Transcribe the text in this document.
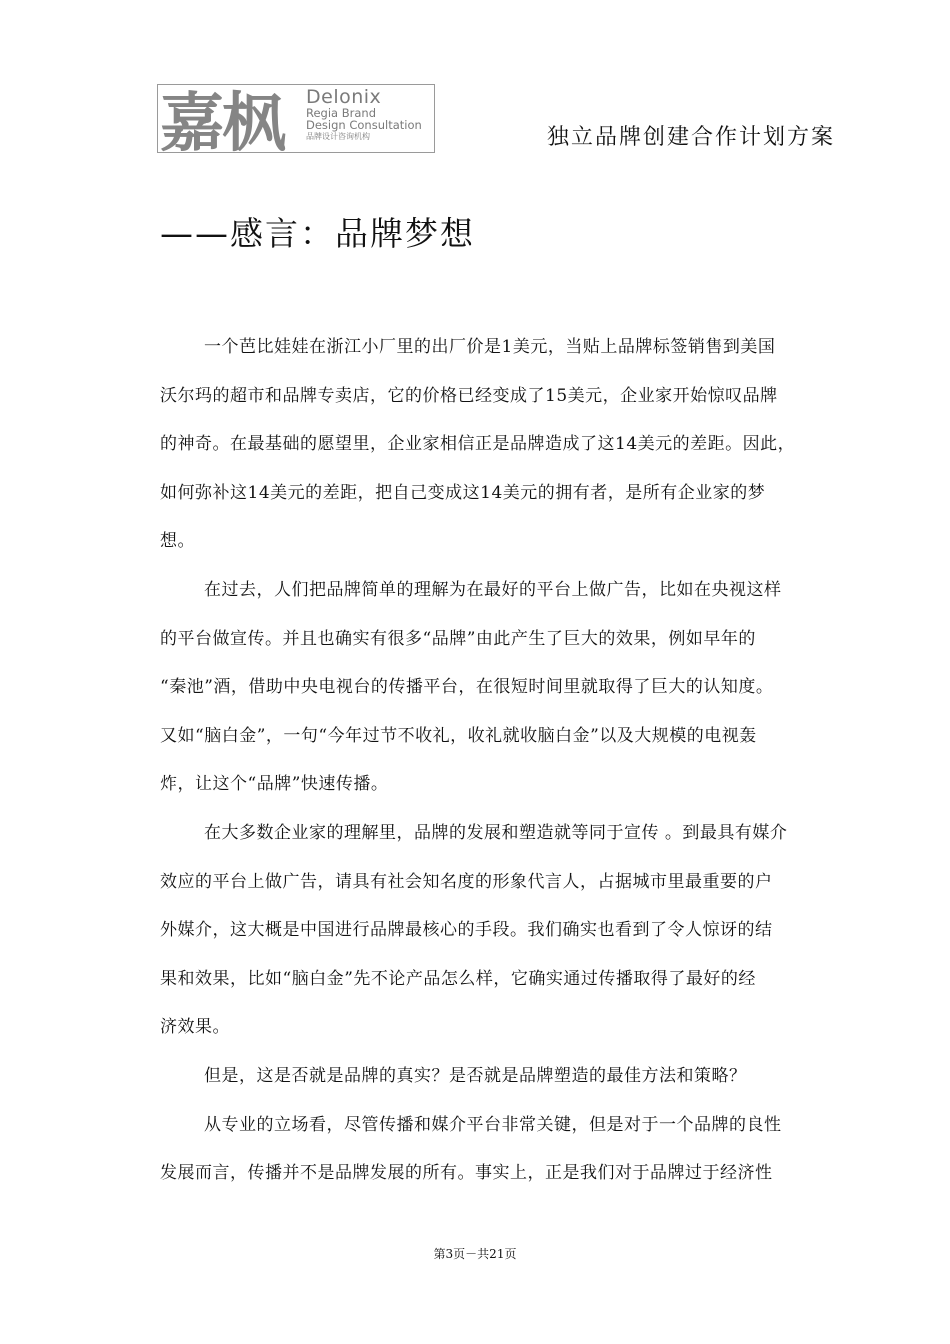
嘉枫 Delonix
Regia Brand
Design Consultation
品牌设计咨询机构	独立品牌创建合作计划方案
——感言：品牌梦想
一个芭比娃娃在浙江小厂里的出厂价是1美元，当贴上品牌标签销售到美国
沃尔玛的超市和品牌专卖店，它的价格已经变成了15美元，企业家开始惊叹品牌
的神奇。在最基础的愿望里，企业家相信正是品牌造成了这14美元的差距。因此，
如何弥补这14美元的差距，把自己变成这14美元的拥有者，是所有企业家的梦
想。
在过去，人们把品牌简单的理解为在最好的平台上做广告，比如在央视这样
的平台做宣传。并且也确实有很多“品牌”由此产生了巨大的效果，例如早年的
“秦池”酒，借助中央电视台的传播平台，在很短时间里就取得了巨大的认知度。
又如“脑白金”，一句“今年过节不收礼，收礼就收脑白金”以及大规模的电视轰
炸，让这个“品牌”快速传播。
在大多数企业家的理解里，品牌的发展和塑造就等同于宣传 。到最具有媒介
效应的平台上做广告，请具有社会知名度的形象代言人，占据城市里最重要的户
外媒介，这大概是中国进行品牌最核心的手段。我们确实也看到了令人惊讶的结
果和效果，比如“脑白金”先不论产品怎么样，它确实通过传播取得了最好的经
济效果。
但是，这是否就是品牌的真实？是否就是品牌塑造的最佳方法和策略？
从专业的立场看，尽管传播和媒介平台非常关键，但是对于一个品牌的良性
发展而言，传播并不是品牌发展的所有。事实上，正是我们对于品牌过于经济性
第3页－共21页
